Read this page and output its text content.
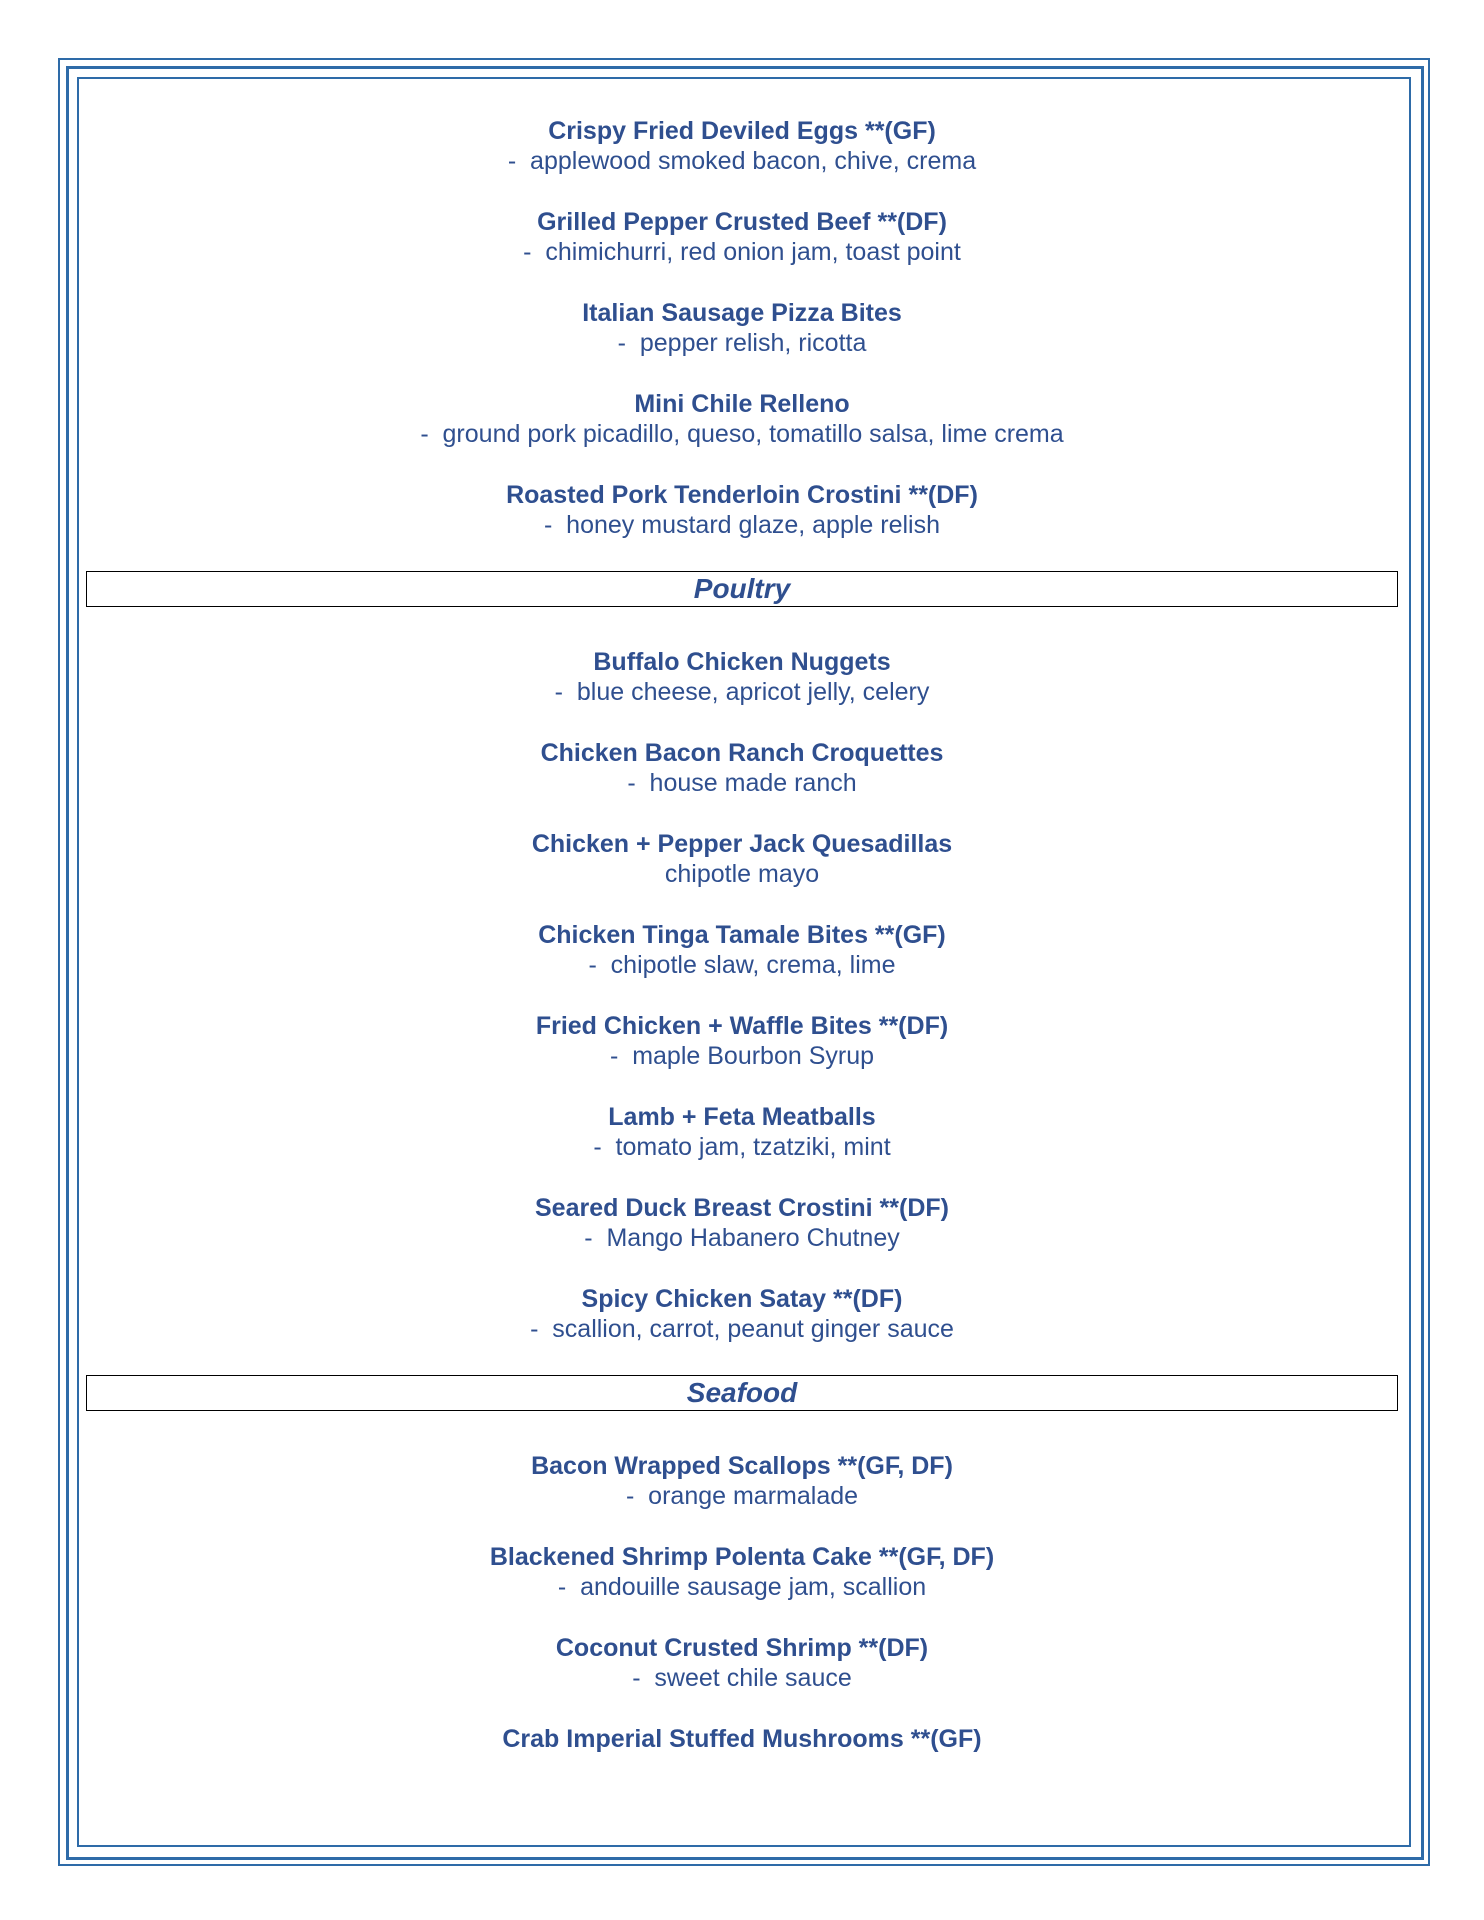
Crispy Fried Deviled Eggs **(GF)
-  applewood smoked bacon, chive, crema
Grilled Pepper Crusted Beef **(DF)
-  chimichurri, red onion jam, toast point
Italian Sausage Pizza Bites
-  pepper relish, ricotta
Mini Chile Relleno
-  ground pork picadillo, queso, tomatillo salsa, lime crema
Roasted Pork Tenderloin Crostini **(DF)
-  honey mustard glaze, apple relish
Poultry
Buffalo Chicken Nuggets
-  blue cheese, apricot jelly, celery
Chicken Bacon Ranch Croquettes
-  house made ranch
Chicken + Pepper Jack Quesadillas
chipotle mayo
Chicken Tinga Tamale Bites **(GF)
-  chipotle slaw, crema, lime
Fried Chicken + Waffle Bites **(DF)
-  maple Bourbon Syrup
Lamb + Feta Meatballs
-  tomato jam, tzatziki, mint
Seared Duck Breast Crostini **(DF)
-  Mango Habanero Chutney
Spicy Chicken Satay **(DF)
-  scallion, carrot, peanut ginger sauce
Seafood
Bacon Wrapped Scallops **(GF, DF)
-  orange marmalade
Blackened Shrimp Polenta Cake **(GF, DF)
-  andouille sausage jam, scallion
Coconut Crusted Shrimp **(DF)
-  sweet chile sauce
Crab Imperial Stuffed Mushrooms **(GF)
